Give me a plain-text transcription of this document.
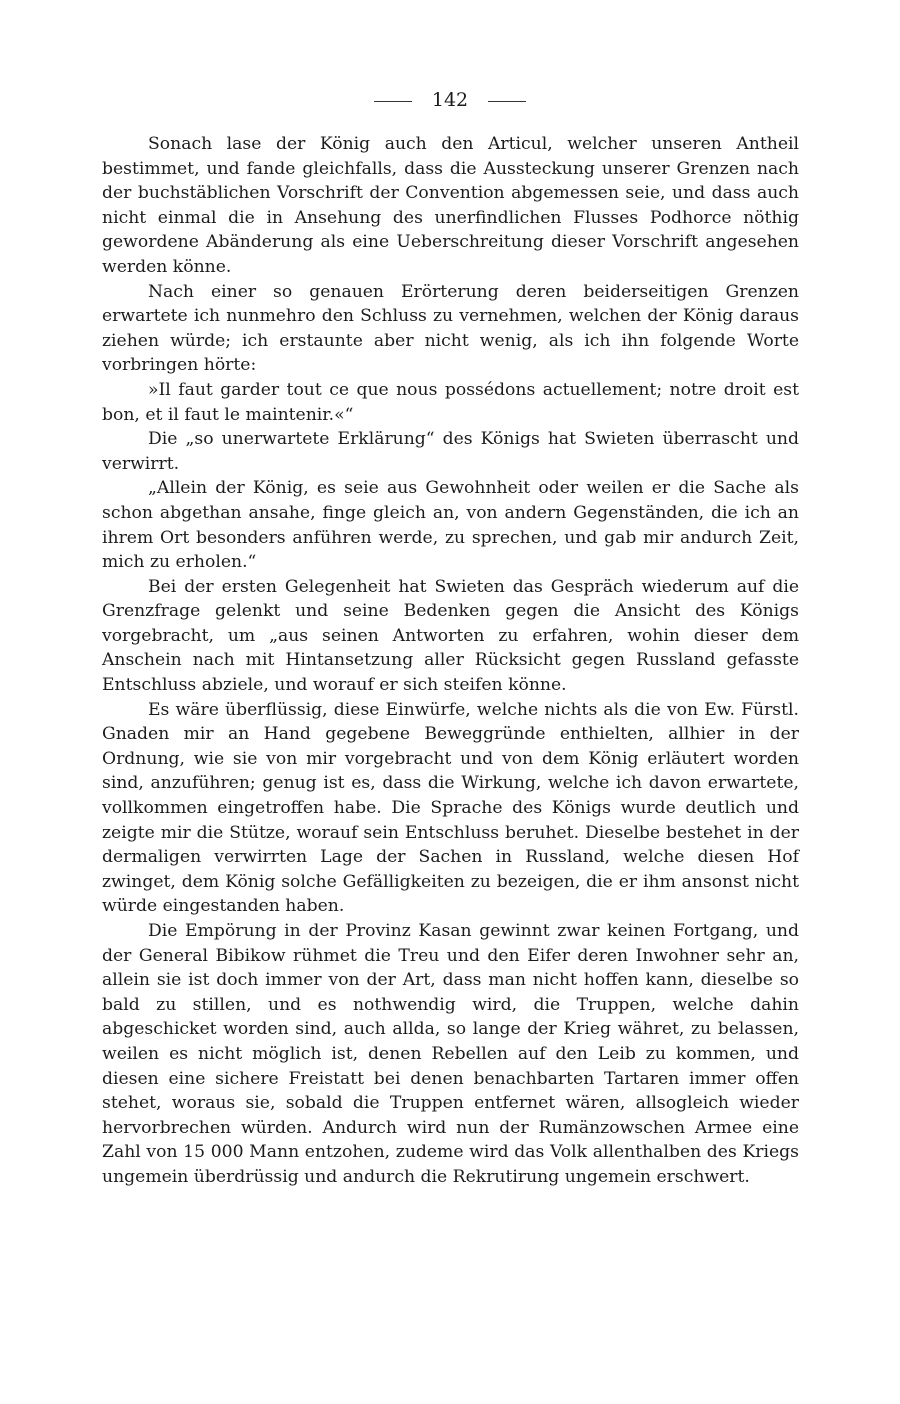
142

Sonach lase der König auch den Articul, welcher unseren Antheil bestimmet, und fande gleichfalls, dass die Aussteckung unserer Grenzen nach der buchstäblichen Vorschrift der Convention abgemessen seie, und dass auch nicht einmal die in Ansehung des unerfindlichen Flusses Podhorce nöthig gewordene Abänderung als eine Ueberschreitung dieser Vorschrift angesehen werden könne.

Nach einer so genauen Erörterung deren beiderseitigen Grenzen erwartete ich nunmehro den Schluss zu vernehmen, welchen der König daraus ziehen würde; ich erstaunte aber nicht wenig, als ich ihn folgende Worte vorbringen hörte:

»Il faut garder tout ce que nous possédons actuellement; notre droit est bon, et il faut le maintenir.«“

Die „so unerwartete Erklärung“ des Königs hat Swieten überrascht und verwirrt.

„Allein der König, es seie aus Gewohnheit oder weilen er die Sache als schon abgethan ansahe, finge gleich an, von andern Gegenständen, die ich an ihrem Ort besonders anführen werde, zu sprechen, und gab mir andurch Zeit, mich zu erholen.“

Bei der ersten Gelegenheit hat Swieten das Gespräch wiederum auf die Grenzfrage gelenkt und seine Bedenken gegen die Ansicht des Königs vorgebracht, um „aus seinen Antworten zu erfahren, wohin dieser dem Anschein nach mit Hintansetzung aller Rücksicht gegen Russland gefasste Entschluss abziele, und worauf er sich steifen könne.

Es wäre überflüssig, diese Einwürfe, welche nichts als die von Ew. Fürstl. Gnaden mir an Hand gegebene Beweggründe enthielten, allhier in der Ordnung, wie sie von mir vorgebracht und von dem König erläutert worden sind, anzuführen; genug ist es, dass die Wirkung, welche ich davon erwartete, vollkommen eingetroffen habe. Die Sprache des Königs wurde deutlich und zeigte mir die Stütze, worauf sein Entschluss beruhet. Dieselbe bestehet in der dermaligen verwirrten Lage der Sachen in Russland, welche diesen Hof zwinget, dem König solche Gefälligkeiten zu bezeigen, die er ihm ansonst nicht würde eingestanden haben.

Die Empörung in der Provinz Kasan gewinnt zwar keinen Fortgang, und der General Bibikow rühmet die Treu und den Eifer deren Inwohner sehr an, allein sie ist doch immer von der Art, dass man nicht hoffen kann, dieselbe so bald zu stillen, und es nothwendig wird, die Truppen, welche dahin abgeschicket worden sind, auch allda, so lange der Krieg währet, zu belassen, weilen es nicht möglich ist, denen Rebellen auf den Leib zu kommen, und diesen eine sichere Freistatt bei denen benachbarten Tartaren immer offen stehet, woraus sie, sobald die Truppen entfernet wären, allsogleich wieder hervorbrechen würden. Andurch wird nun der Rumänzowschen Armee eine Zahl von 15 000 Mann entzohen, zudeme wird das Volk allenthalben des Kriegs ungemein überdrüssig und andurch die Rekrutirung ungemein erschwert.
